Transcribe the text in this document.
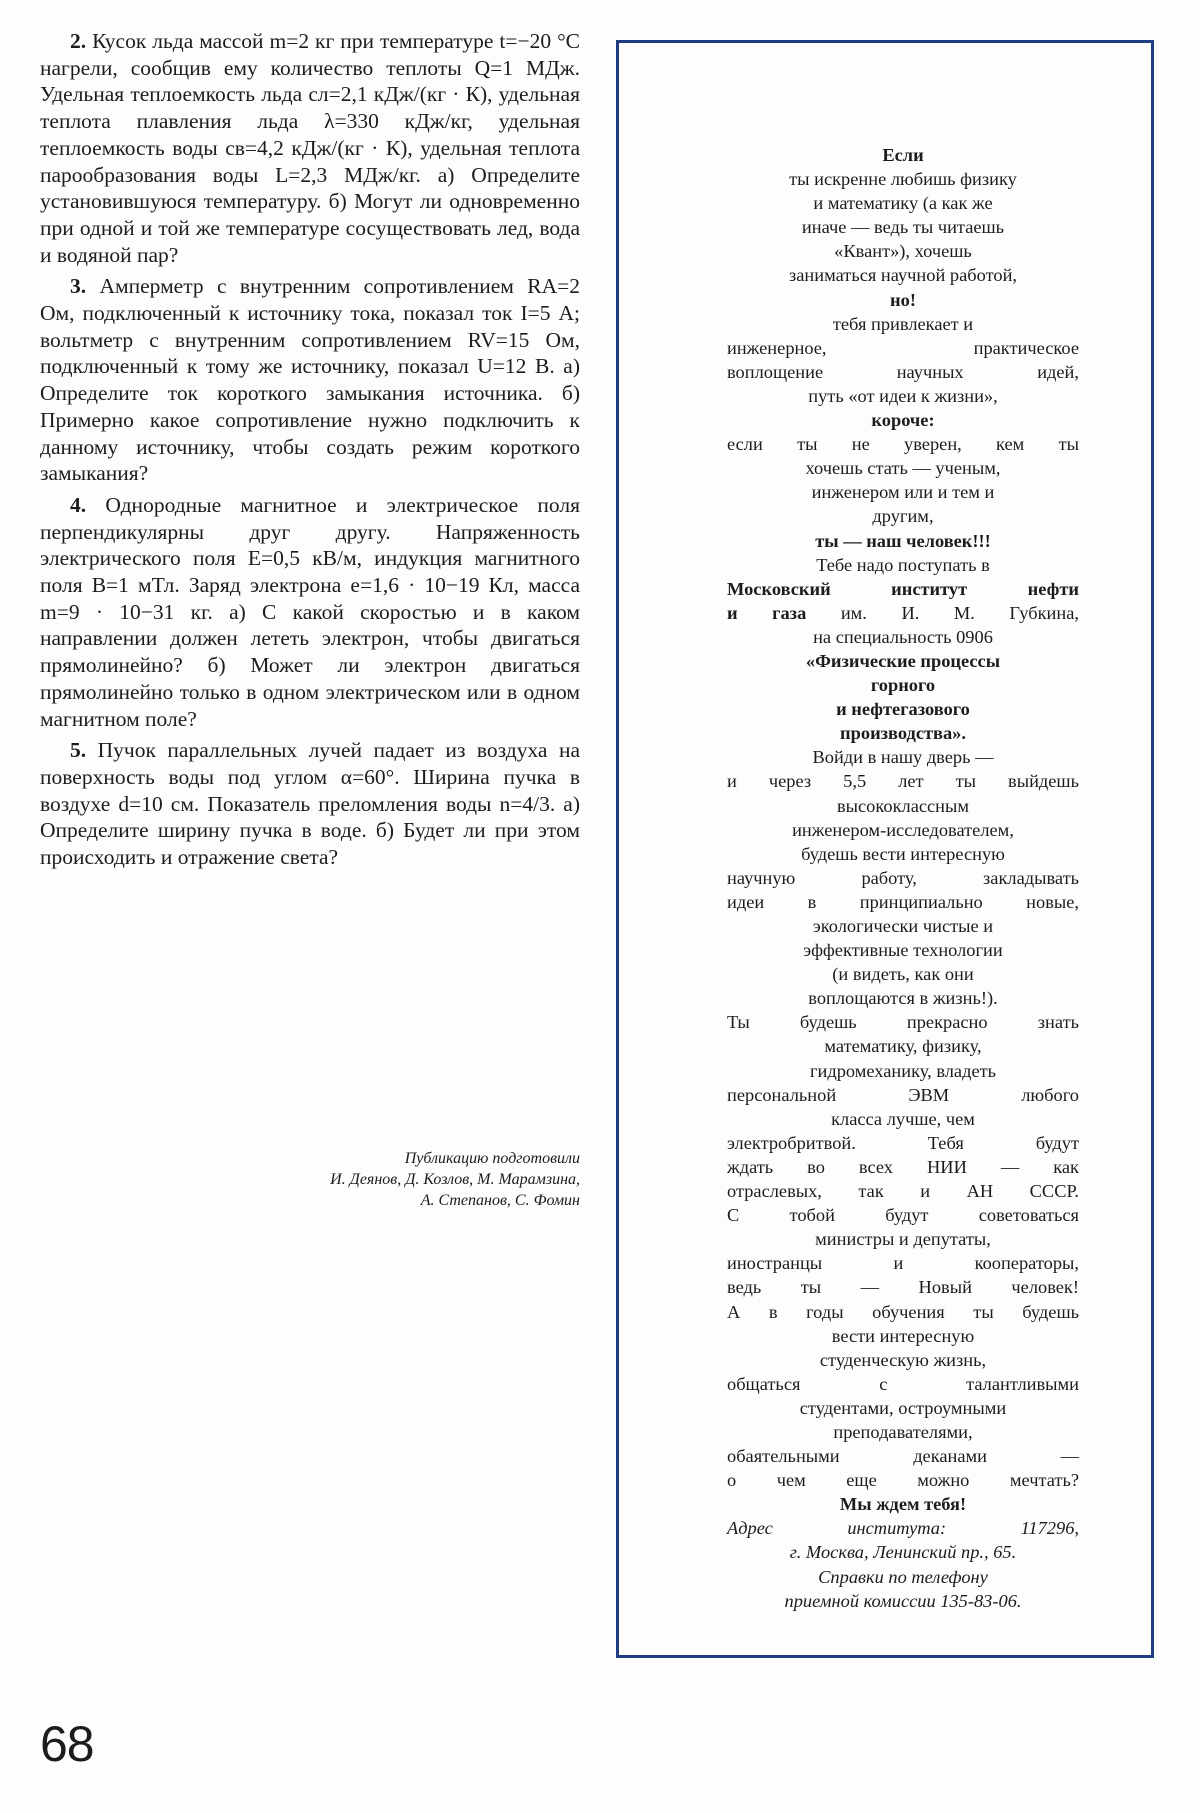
2. Кусок льда массой m=2 кг при температуре t=−20 °С нагрели, сообщив ему количество теплоты Q=1 МДж. Удельная теплоемкость льда cл=2,1 кДж/(кг · К), удельная теплота плавления льда λ=330 кДж/кг, удельная теплоемкость воды cв=4,2 кДж/(кг · К), удельная теплота парообразования воды L=2,3 МДж/кг. а) Определите установившуюся температуру. б) Могут ли одновременно при одной и той же температуре сосуществовать лед, вода и водяной пар?

3. Амперметр с внутренним сопротивлением RA=2 Ом, подключенный к источнику тока, показал ток I=5 А; вольтметр с внутренним сопротивлением RV=15 Ом, подключенный к тому же источнику, показал U=12 В. а) Определите ток короткого замыкания источника. б) Примерно какое сопротивление нужно подключить к данному источнику, чтобы создать режим короткого замыкания?

4. Однородные магнитное и электрическое поля перпендикулярны друг другу. Напряженность электрического поля E=0,5 кВ/м, индукция магнитного поля B=1 мТл. Заряд электрона e=1,6 · 10−19 Кл, масса m=9 · 10−31 кг. а) С какой скоростью и в каком направлении должен лететь электрон, чтобы двигаться прямолинейно? б) Может ли электрон двигаться прямолинейно только в одном электрическом или в одном магнитном поле?

5. Пучок параллельных лучей падает из воздуха на поверхность воды под углом α=60°. Ширина пучка в воздухе d=10 см. Показатель преломления воды n=4/3. а) Определите ширину пучка в воде. б) Будет ли при этом происходить и отражение света?

Публикацию подготовили
И. Деянов, Д. Козлов, М. Марамзина,
А. Степанов, С. Фомин
Если
ты искренне любишь физику
и математику (а как же
иначе — ведь ты читаешь
«Квант»), хочешь
заниматься научной работой,
но!
тебя привлекает и
инженерное, практическое
воплощение научных идей,
путь «от идеи к жизни»,
короче:
если ты не уверен, кем ты
хочешь стать — ученым,
инженером или и тем и
другим,
ты — наш человек!!!
Тебе надо поступать в
Московский институт нефти
и газа им. И. М. Губкина,
на специальность 0906
«Физические процессы
горного
и нефтегазового
производства».
Войди в нашу дверь —
и через 5,5 лет ты выйдешь
высококлассным
инженером-исследователем,
будешь вести интересную
научную работу, закладывать
идеи в принципиально новые,
экологически чистые и
эффективные технологии
(и видеть, как они
воплощаются в жизнь!).
Ты будешь прекрасно знать
математику, физику,
гидромеханику, владеть
персональной ЭВМ любого
класса лучше, чем
электробритвой. Тебя будут
ждать во всех НИИ — как
отраслевых, так и АН СССР.
С тобой будут советоваться
министры и депутаты,
иностранцы и кооператоры,
ведь ты — Новый человек!
А в годы обучения ты будешь
вести интересную
студенческую жизнь,
общаться с талантливыми
студентами, остроумными
преподавателями,
обаятельными деканами —
о чем еще можно мечтать?
Мы ждем тебя!
Адрес института: 117296,
г. Москва, Ленинский пр., 65.
Справки по телефону
приемной комиссии 135-83-06.
68
